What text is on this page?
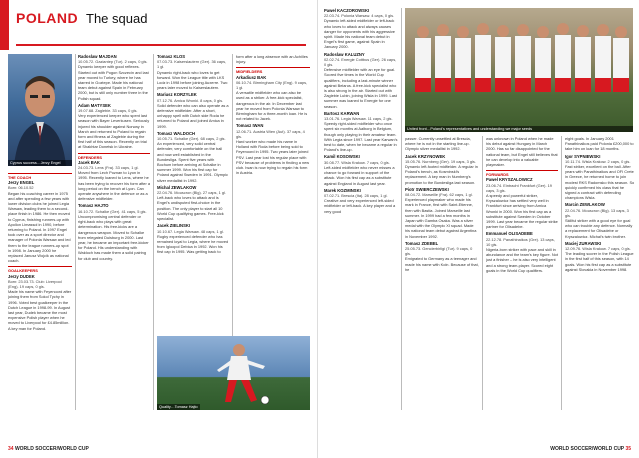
POLAND The squad
Cyprus success…Jerzy Engel
THE COACH
Jerzy ENGEL
Born: 06.10.52
Began his coaching career in 1975 and after spending a few years with lower division clubs he joined Legia Warsaw, leading them to a second-place finish in 1986. He then moved to Cyprus, finishing runners-up with Apollon Limassol in 1990, before returning to Poland. In 1997 Engel took over as a sport director and manager of Polonia Warsaw and led them to the league runners-up spot in 1998. In January 2000 he replaced Janusz Wojcik as national coach.
GOALKEEPERS
Jerzy DUDEK
Born: 23.03.73. Club: Liverpool (Eng). 19 caps, 0 gls.
Made his name with Feyenoord after joining them from Sokol Tychy in 1996. Voted best goalkeeper in the Dutch League in 1998-99. In August last year, Dudek became the most expensive Polish player when he moved to Liverpool for £4.85million. A key man for Poland.
Radoslaw MAJDAN
10.05.72. Gaziantep (Tur). 2 caps, 0 gls.
Dynamic keeper with good reflexes. Started out with Pogon Szczecin and last year moved to Turkey, where he has starred in Goztepe. Made his national team debut against Spain in February 2000, but is still only number three in the Polish squad.
Adam MATYSEK
19.07.68. Zaglebie. 33 caps, 0 gls.
Very experienced keeper who spent last season with Bayer Leverkusen. Seriously injured his shoulder against Norway in March and returned to Poland to regain form and fitness at Zaglebie during the first half of this season. Recently on trial at Shakhtar Donetsk in Ukraine.
DEFENDERS
Jacek BAK
24.03.73. Lens (Fra). 33 caps, 1 gl.
Moved from Lech Poznan to Lyon in 1995. Recently loaned to Lens, where he has been trying to recover his form after a long period on the bench at Lyon. Can operate anywhere in the defence or as a defensive midfielder.
Tomasz HAJTO
16.10.72. Schalke (Ger). 41 caps, 5 gls.
Uncompromising central defender or right-back who plays with great determination. His free-kicks are a dangerous weapon. Moved to Schalke from relegated Duisburg in 2000. Last year, he became an important free-kicker for Poland. His understanding with Waldoch has made them a solid pairing for club and country.
Tomasz KLOS
07.03.73. Kaiserslautern (Ger). 36 caps, 1 gl.
Dynamic right-back who loves to get forward. Won the League title with LKS Lodz in 1998 before joining Auxerre. Two years later moved to Kaiserslautern.
Mariusz KORZYLEK
07.12.76. Amica Wronki. 8 caps, 0 gls.
Solid defender who can also operate as a defensive midfielder. After a short, unhappy spell with Dutch side Roda he returned to Poland and joined Amica in 1999.
Tomasz WALDOCH
10.05.71. Schalke (Ger). 68 caps, 2 gls.
An experienced, very solid central defender, very comfortable on the ball and now well established in the Bundesliga. Spent five years with Bochum before arriving at Schalke in summer 1999. Won his first cap for Poland against Sweden in 1991. Olympic silver medallist in 1992.
Michal ZEWLAKOW
22.04.76. Mouscron (Blg). 27 caps, 1 gl.
Left-back who loves to attack and is Engel's undisputed first-choice in the position. The only player to start all 10 World Cup qualifying games. Free-kick specialist.
Jacek ZIELINSKI
10.10.67. Legia Warsaw. 48 caps, 1 gl.
Rugby experienced defender who has remained loyal to Legia, where he moved from Igloopol Debica in 1992. Won his first cap in 1995. Was getting back to
form after a long absence with an Achilles injury.
MIDFIELDERS
Arkadiusz BAK
06.10.74. Birmingham City (Eng). 9 caps, 1 gl.
A versatile midfielder who can also be used as a striker. A free-kick specialist, dangerous in the air. In December last year he moved from Polonia Warsaw to Birmingham for a three-month loan. He is not related to Jacek.
Tomasz IWAN
12.06.71. Austria Wien (Aut). 37 caps, 4 gls.
Hard worker who made his name in Holland with Roda before being sold to Feyenoord in 1995. Two years later joined PSV. Last year lost his regular place with PSV because of problems in finding a new club. Iwan is now trying to regain his form in Austria.
Quality…Tomasz Hajto
34 WORLD SOCCER/WORLD CUP
Pawel KACZOROWSKI
22.03.74. Polonia Warsaw. 4 caps, 0 gls.
Dynamic left-sided midfielder or left-back who loves to attack and always causes danger for opponents with his aggressive spirit. Made his national team debut in Engel's first game, against Spain in January 2000.
Radoslaw KALUZNY
02.02.74. Energie Cottbus (Ger). 26 caps, 0 gls.
Defensive midfielder with an eye for goal. Scored five times in the World Cup qualifiers, including a last-minute winner against Belarus. A free-kick specialist who is also strong in the air. Started out with Zaglebie Lubin, joining Wisla in 1999. Last summer was loaned to Energie for one season.
Bartosz KARWAN
13.01.76. Legia Warsaw. 11 caps, 2 gls.
Speedy right-sided midfielder who once spent six months at Aalborg in Belgium, though only playing in their amateur team. With Legia since 1997. Last year Karwan's best to date, when he became a regular in Poland's line-up.
Kamil KOSOWSKI
30.08.77. Wisla Krakow. 7 caps, 0 gls.
Left-sided midfielder who never misses a chance to go forward in support of the attack. Won his first cap as a substitute against England in August last year.
Marek KOZMINSKI
07.02.71. Brescia (Ita). 28 caps, 1 gl.
Creative and very experienced left-sided midfielder or left-back. A key player and a very good
United front…Poland's representatives and understanding we major seeds
passer. Currently unsettled at Brescia, where he is not in the starting line-up. Olympic silver medallist in 1992.
Jacek KRZYNOWEK
15.05.76. Nurnberg (Ger). 19 caps, 3 gls.
Dynamic left-footed midfielder. A regular in Poland's bench, as Kosminski's replacement. A key man in Nurnberg's promotion to the Bundesliga last season.
Piotr SWIERCZEWSKI
08.04.72. Marseille (Fra). 62 caps, 1 gl.
Experienced playmaker who made his mark in France, first with Saint-Etienne, then with Bastia. Joined Marseille last summer. In 1999 had a few months in Japan with Gamba Osaka. Was a silver medal with the Olympic XI squad. Made his national team debut against Argentina in November 1992.
Tomasz ZDEBEL
25.05.73. Genclerbirligi (Tur). 9 caps, 0 gls.
Emigrated to Germany as a teenager and made his name with Koln. Because of that, he
was unknown in Poland when he made his debut against Hungary in March 2000. Has so far disappointed for the national team, but Engel still believes that he can develop into a valuable playmaker.
FORWARDS
Pawel KRYSZALOWICZ
23.06.74. Eintracht Frankfurt (Ger). 19 caps, 3 gls.
A speedy and powerful striker, Kryszalowicz has settled very well in Frankfurt since arriving from Amica Wronki in 2000. Won his first cap as a substitute against Sweden in October 1999. Last year became the regular strike partner for Olisadebe.
Emmanuel OLISADEBE
22.12.78. Panathinaikos (Gre). 13 caps, 10 gls.
Nigeria-born striker with pace and skill in abundance and the team's key figure. Not just a finisher – he is also very intelligent and a strong team-player. Scored eight goals in the World Cup qualifiers.
eight goals. In January 2001 Panathinaikos paid Polonia £200,000 to take him on loan for 18 months.
Igor SYPNIEWSKI
10.11.74. Wisla Krakow. 2 caps, 0 gls.
Fast striker, excellent on the ball. After years with Panathinaikos and OFI Crete in Greece, he returned home to join modest RKS Radomsko this season. So quickly confirmed his class that he signed a contract with defending champions Wisla.
Marcin ZEWLAKOW
22.04.76. Mouscron (Blg). 13 caps, 3 gls.
Skillful striker with a good eye for goal who can trouble any defence. Normally a replacement for Olisadebe or Kryszalowicz. Michal's twin brother.
Maciej ZURAWSKI
12.09.76. Wisla Krakow. 7 caps, 0 gls.
The leading scorer in the Polish League in the first half of this season, with 14 goals. Won his first cap as a substitute against Slovakia in November 1998.
WORLD SOCCER/WORLD CUP 35
